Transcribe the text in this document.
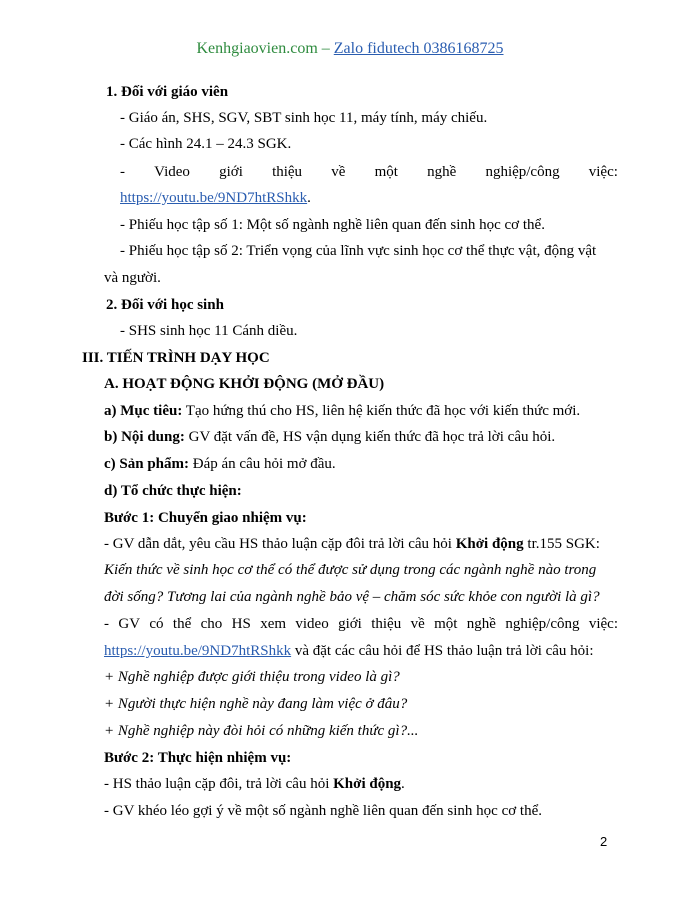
Kenhgiaovien.com – Zalo fidutech 0386168725
1. Đối với giáo viên
- Giáo án, SHS, SGV, SBT sinh học 11, máy tính, máy chiếu.
- Các hình 24.1 – 24.3 SGK.
- Video giới thiệu về một nghề nghiệp/công việc:
https://youtu.be/9ND7htRShkk.
- Phiếu học tập số 1: Một số ngành nghề liên quan đến sinh học cơ thể.
- Phiếu học tập số 2: Triển vọng của lĩnh vực sinh học cơ thể thực vật, động vật
và người.
2. Đối với học sinh
- SHS sinh học 11 Cánh diều.
III. TIẾN TRÌNH DẠY HỌC
A. HOẠT ĐỘNG KHỞI ĐỘNG (MỞ ĐẦU)
a) Mục tiêu: Tạo hứng thú cho HS, liên hệ kiến thức đã học với kiến thức mới.
b) Nội dung: GV đặt vấn đề, HS vận dụng kiến thức đã học trả lời câu hỏi.
c) Sản phẩm: Đáp án câu hỏi mở đầu.
d) Tổ chức thực hiện:
Bước 1: Chuyển giao nhiệm vụ:
- GV dẫn dắt, yêu cầu HS thảo luận cặp đôi trả lời câu hỏi Khởi động tr.155 SGK:
Kiến thức về sinh học cơ thể có thể được sử dụng trong các ngành nghề nào trong
đời sống? Tương lai của ngành nghề bảo vệ – chăm sóc sức khỏe con người là gì?
- GV có thể cho HS xem video giới thiệu về một nghề nghiệp/công việc:
https://youtu.be/9ND7htRShkk và đặt các câu hỏi để HS thảo luận trả lời câu hỏi:
+ Nghề nghiệp được giới thiệu trong video là gì?
+ Người thực hiện nghề này đang làm việc ở đâu?
+ Nghề nghiệp này đòi hỏi có những kiến thức gì?...
Bước 2: Thực hiện nhiệm vụ:
- HS thảo luận cặp đôi, trả lời câu hỏi Khởi động.
- GV khéo léo gợi ý về một số ngành nghề liên quan đến sinh học cơ thể.
2
